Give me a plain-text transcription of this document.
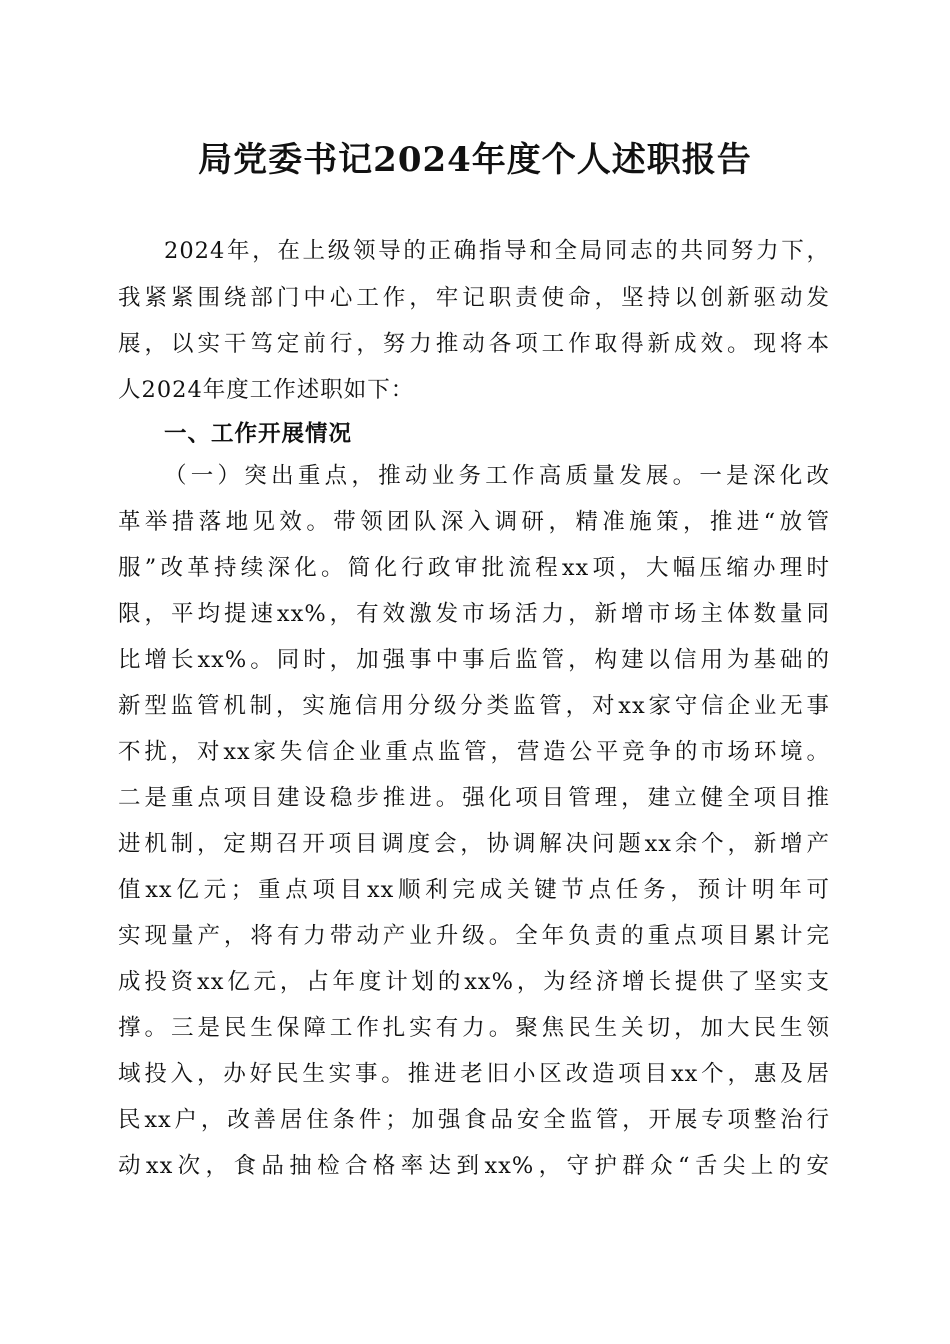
局党委书记2024年度个人述职报告

2024年，在上级领导的正确指导和全局同志的共同努力下，

我紧紧围绕部门中心工作，牢记职责使命，坚持以创新驱动发

展，以实干笃定前行，努力推动各项工作取得新成效。现将本

人2024年度工作述职如下：

一、工作开展情况

（一）突出重点，推动业务工作高质量发展。一是深化改

革举措落地见效。带领团队深入调研，精准施策，推进“放管

服”改革持续深化。简化行政审批流程xx项，大幅压缩办理时

限，平均提速xx%，有效激发市场活力，新增市场主体数量同

比增长xx%。同时，加强事中事后监管，构建以信用为基础的

新型监管机制，实施信用分级分类监管，对xx家守信企业无事

不扰，对xx家失信企业重点监管，营造公平竞争的市场环境。

二是重点项目建设稳步推进。强化项目管理，建立健全项目推

进机制，定期召开项目调度会，协调解决问题xx余个，新增产

值xx亿元；重点项目xx顺利完成关键节点任务，预计明年可

实现量产，将有力带动产业升级。全年负责的重点项目累计完

成投资xx亿元，占年度计划的xx%，为经济增长提供了坚实支

撑。三是民生保障工作扎实有力。聚焦民生关切，加大民生领

域投入，办好民生实事。推进老旧小区改造项目xx个，惠及居

民xx户，改善居住条件；加强食品安全监管，开展专项整治行

动xx次，食品抽检合格率达到xx%，守护群众“舌尖上的安
